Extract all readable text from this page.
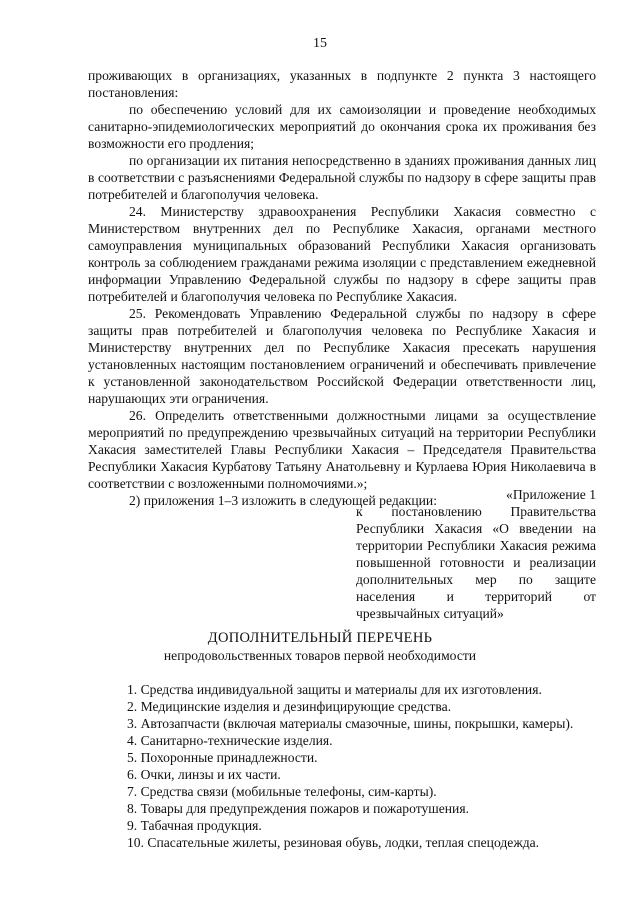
15

проживающих в организациях, указанных в подпункте 2 пункта 3 настоящего постановления:

по обеспечению условий для их самоизоляции и проведение необходимых санитарно-эпидемиологических мероприятий до окончания срока их проживания без возможности его продления;

по организации их питания непосредственно в зданиях проживания данных лиц в соответствии с разъяснениями Федеральной службы по надзору в сфере защиты прав потребителей и благополучия человека.

24. Министерству здравоохранения Республики Хакасия совместно с Министерством внутренних дел по Республике Хакасия, органами местного самоуправления муниципальных образований Республики Хакасия организовать контроль за соблюдением гражданами режима изоляции с представлением ежедневной информации Управлению Федеральной службы по надзору в сфере защиты прав потребителей и благополучия человека по Республике Хакасия.

25. Рекомендовать Управлению Федеральной службы по надзору в сфере защиты прав потребителей и благополучия человека по Республике Хакасия и Министерству внутренних дел по Республике Хакасия пресекать нарушения установленных настоящим постановлением ограничений и обеспечивать привлечение к установленной законодательством Российской Федерации ответственности лиц, нарушающих эти ограничения.

26. Определить ответственными должностными лицами за осуществление мероприятий по предупреждению чрезвычайных ситуаций на территории Республики Хакасия заместителей Главы Республики Хакасия – Председателя Правительства Республики Хакасия Курбатову Татьяну Анатольевну и Курлаева Юрия Николаевича в соответствии с возложенными полномочиями.»;

2) приложения 1–3 изложить в следующей редакции:	«Приложение 1
к постановлению Правительства Республики Хакасия «О введении на территории Республики Хакасия режима повышенной готовности и реализации дополнительных мер по защите населения и территорий от чрезвычайных ситуаций»
ДОПОЛНИТЕЛЬНЫЙ ПЕРЕЧЕНЬ
непродовольственных товаров первой необходимости
1. Средства индивидуальной защиты и материалы для их изготовления.
2. Медицинские изделия и дезинфицирующие средства.
3. Автозапчасти (включая материалы смазочные, шины, покрышки, камеры).
4. Санитарно-технические изделия.
5. Похоронные принадлежности.
6. Очки, линзы и их части.
7. Средства связи (мобильные телефоны, сим-карты).
8. Товары для предупреждения пожаров и пожаротушения.
9. Табачная продукция.
10. Спасательные жилеты, резиновая обувь, лодки, теплая спецодежда.
